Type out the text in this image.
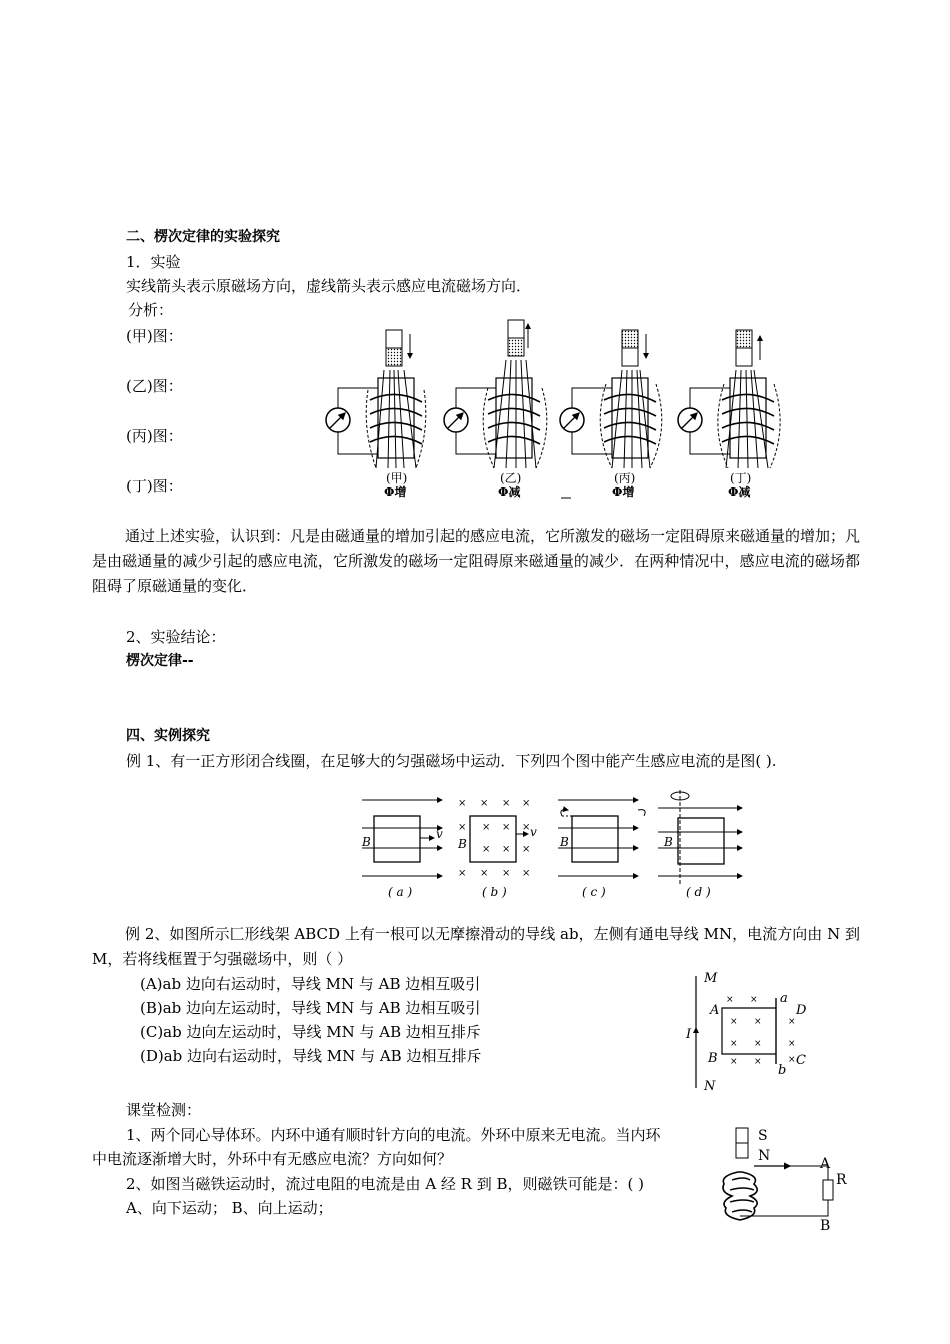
二、楞次定律的实验探究
1．实验
实线箭头表示原磁场方向，虚线箭头表示感应电流磁场方向．
分析：
(甲)图：
(乙)图：
(丙)图：
(丁)图：	(甲)
Φ增
(乙)
Φ减
(丙)
Φ增
(丁)
Φ减
通过上述实验，认识到：凡是由磁通量的增加引起的感应电流，它所激发的磁场一定阻碍原来磁通量的增加；凡是由磁通量的减少引起的感应电流，它所激发的磁场一定阻碍原来磁通量的减少．在两种情况中，感应电流的磁场都阻碍了原磁通量的变化．
2、实验结论：
楞次定律--
四、实例探究
例 1、有一正方形闭合线圈，在足够大的匀强磁场中运动．下列四个图中能产生感应电流的是图( ).
B
v
× × × ×
× × × ×
× × ×
× × × ×
B
v
B	B
( a )	( b )	( c )	( d )
例 2、如图所示匚形线架 ABCD 上有一根可以无摩擦滑动的导线 ab，左侧有通电导线 MN，电流方向由 N 到 M，若将线框置于匀强磁场中，则（ ）
(A)ab 边向右运动时，导线 MN 与 AB 边相互吸引
(B)ab 边向左运动时，导线 MN 与 AB 边相互吸引
(C)ab 边向左运动时，导线 MN 与 AB 边相互排斥
(D)ab 边向右运动时，导线 MN 与 AB 边相互排斥
× ×
× ×	×
× ×	×
× ×	×
M
N
I
A
B
a
b
D
C
课堂检测：
1、两个同心导体环。内环中通有顺时针方向的电流。外环中原来无电流。当内环
中电流逐渐增大时，外环中有无感应电流？方向如何？
2、如图当磁铁运动时，流过电阻的电流是由 A 经 R 到 B，则磁铁可能是：( )
A、向下运动； B、向上运动；
S
N	A
R
B
